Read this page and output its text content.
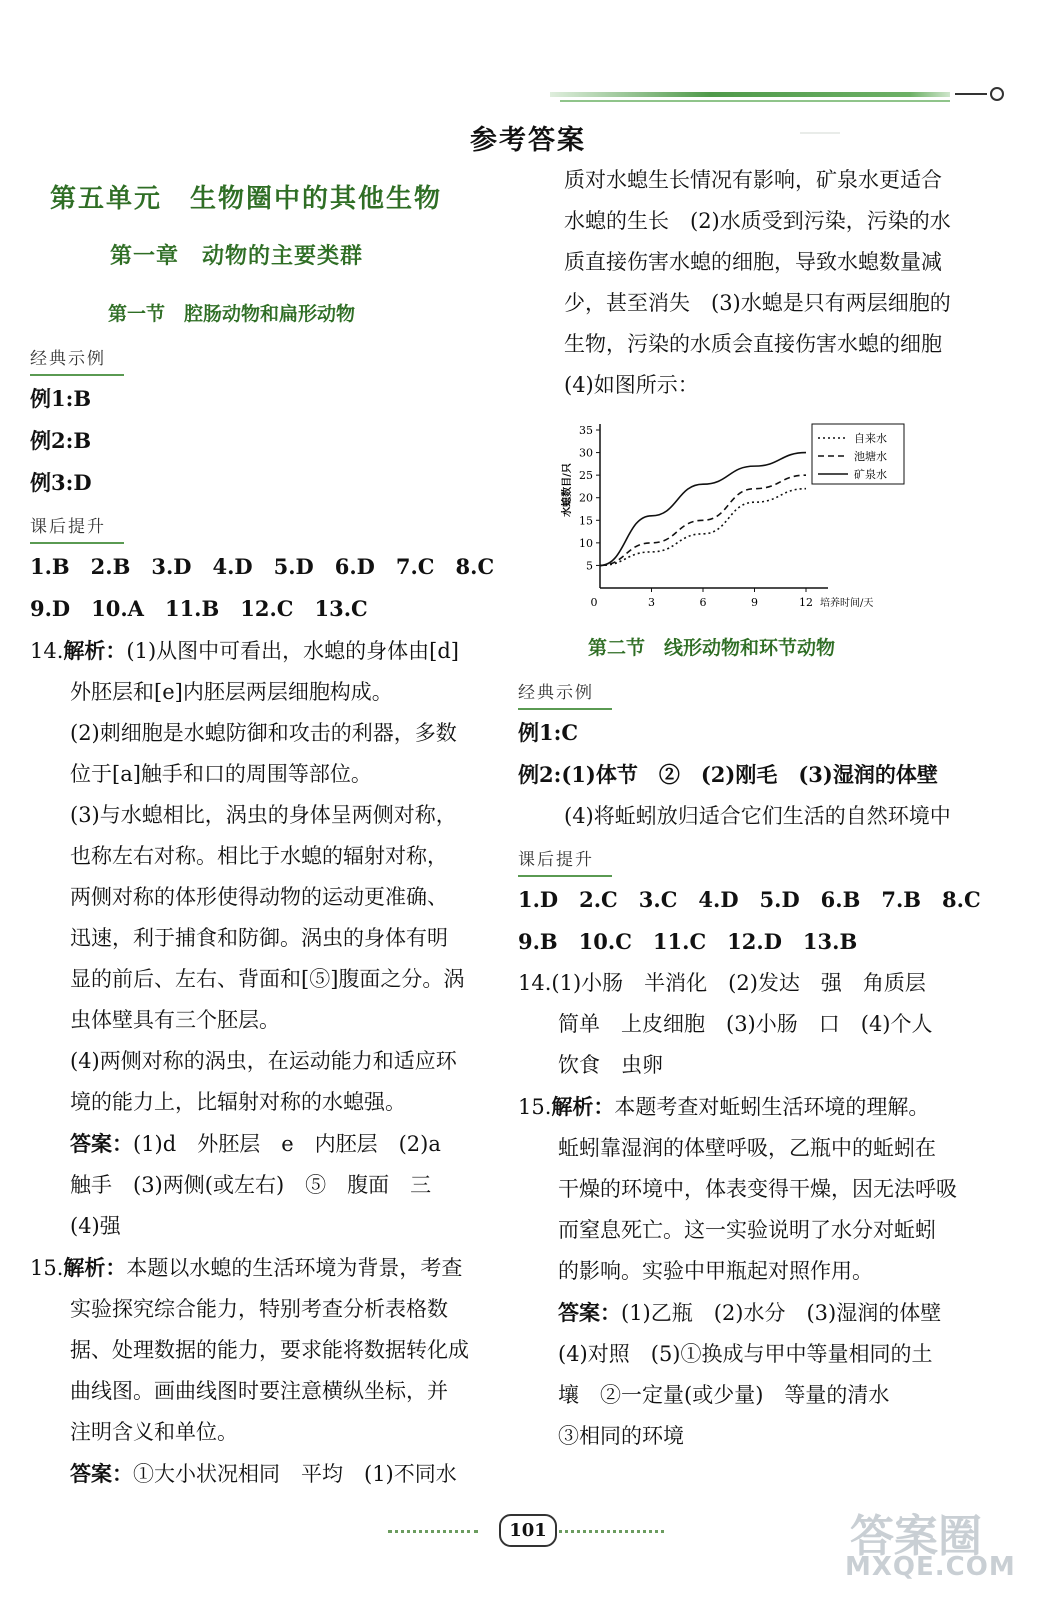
参考答案
第五单元　生物圈中的其他生物
第一章　动物的主要类群
第一节　腔肠动物和扁形动物
经典示例
例1:B
例2:B
例3:D
课后提升
1.B　2.B　3.D　4.D　5.D　6.D　7.C　8.C
9.D　10.A　11.B　12.C　13.C
14.解析：(1)从图中可看出，水螅的身体由[d]
外胚层和[e]内胚层两层细胞构成。
(2)刺细胞是水螅防御和攻击的利器，多数
位于[a]触手和口的周围等部位。
(3)与水螅相比，涡虫的身体呈两侧对称，
也称左右对称。相比于水螅的辐射对称，
两侧对称的体形使得动物的运动更准确、
迅速，利于捕食和防御。涡虫的身体有明
显的前后、左右、背面和[⑤]腹面之分。涡
虫体壁具有三个胚层。
(4)两侧对称的涡虫，在运动能力和适应环
境的能力上，比辐射对称的水螅强。
答案：(1)d　外胚层　e　内胚层　(2)a
触手　(3)两侧(或左右)　⑤　腹面　三
(4)强
15.解析：本题以水螅的生活环境为背景，考查
实验探究综合能力，特别考查分析表格数
据、处理数据的能力，要求能将数据转化成
曲线图。画曲线图时要注意横纵坐标，并
注明含义和单位。
答案：①大小状况相同　平均　(1)不同水
质对水螅生长情况有影响，矿泉水更适合
水螅的生长　(2)水质受到污染，污染的水
质直接伤害水螅的细胞，导致水螅数量减
少，甚至消失　(3)水螅是只有两层细胞的
生物，污染的水质会直接伤害水螅的细胞
(4)如图所示：
5
10
15
20
25
30
35
0	3	6	9	12 培养时间/天
水螅数目/只
自来水
池塘水
矿泉水
第二节　线形动物和环节动物
经典示例
例1:C
例2:(1)体节　②　(2)刚毛　(3)湿润的体壁
(4)将蚯蚓放归适合它们生活的自然环境中
课后提升
1.D　2.C　3.C　4.D　5.D　6.B　7.B　8.C
9.B　10.C　11.C　12.D　13.B
14.(1)小肠　半消化　(2)发达　强　角质层
简单　上皮细胞　(3)小肠　口　(4)个人
饮食　虫卵
15.解析：本题考查对蚯蚓生活环境的理解。
蚯蚓靠湿润的体壁呼吸，乙瓶中的蚯蚓在
干燥的环境中，体表变得干燥，因无法呼吸
而窒息死亡。这一实验说明了水分对蚯蚓
的影响。实验中甲瓶起对照作用。
答案：(1)乙瓶　(2)水分　(3)湿润的体壁
(4)对照　(5)①换成与甲中等量相同的土
壤　②一定量(或少量)　等量的清水
③相同的环境
101	答案圈
MXQE.COM
